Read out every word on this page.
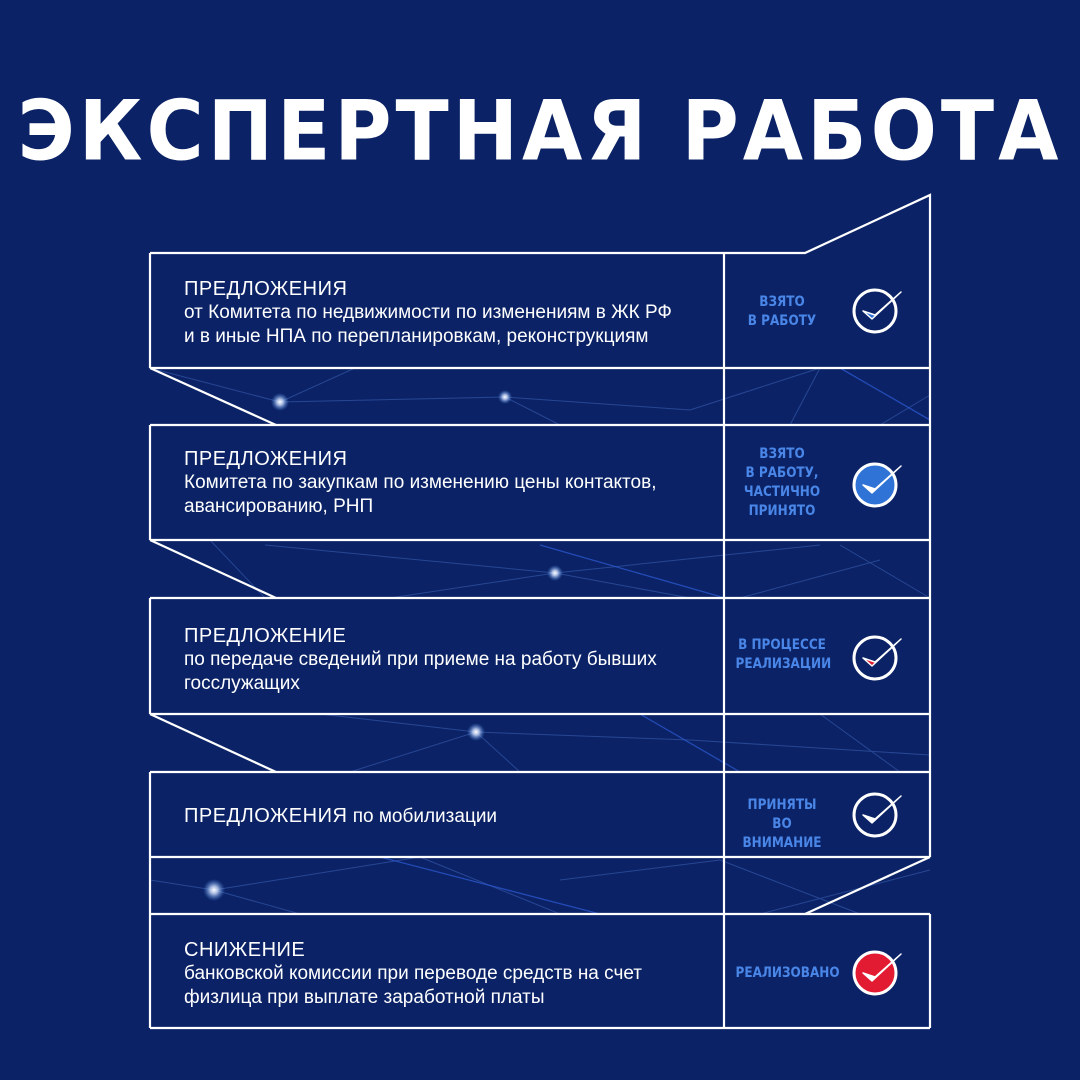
ЭКСПЕРТНАЯ РАБОТА
ПРЕДЛОЖЕНИЯ
от Комитета по недвижимости по изменениям в ЖК РФ
и в иные НПА по перепланировкам, реконструкциям
ВЗЯТО
В РАБОТУ
ПРЕДЛОЖЕНИЯ
Комитета по закупкам по изменению цены контактов,
авансированию, РНП
ВЗЯТО
В РАБОТУ,
ЧАСТИЧНО
ПРИНЯТО
ПРЕДЛОЖЕНИЕ
по передаче сведений при приеме на работу бывших
госслужащих
В ПРОЦЕССЕ
РЕАЛИЗАЦИИ
ПРЕДЛОЖЕНИЯ по мобилизации
ПРИНЯТЫ
ВО ВНИМАНИЕ
СНИЖЕНИЕ
банковской комиссии при переводе средств на счет
физлица при выплате заработной платы
РЕАЛИЗОВАНО
